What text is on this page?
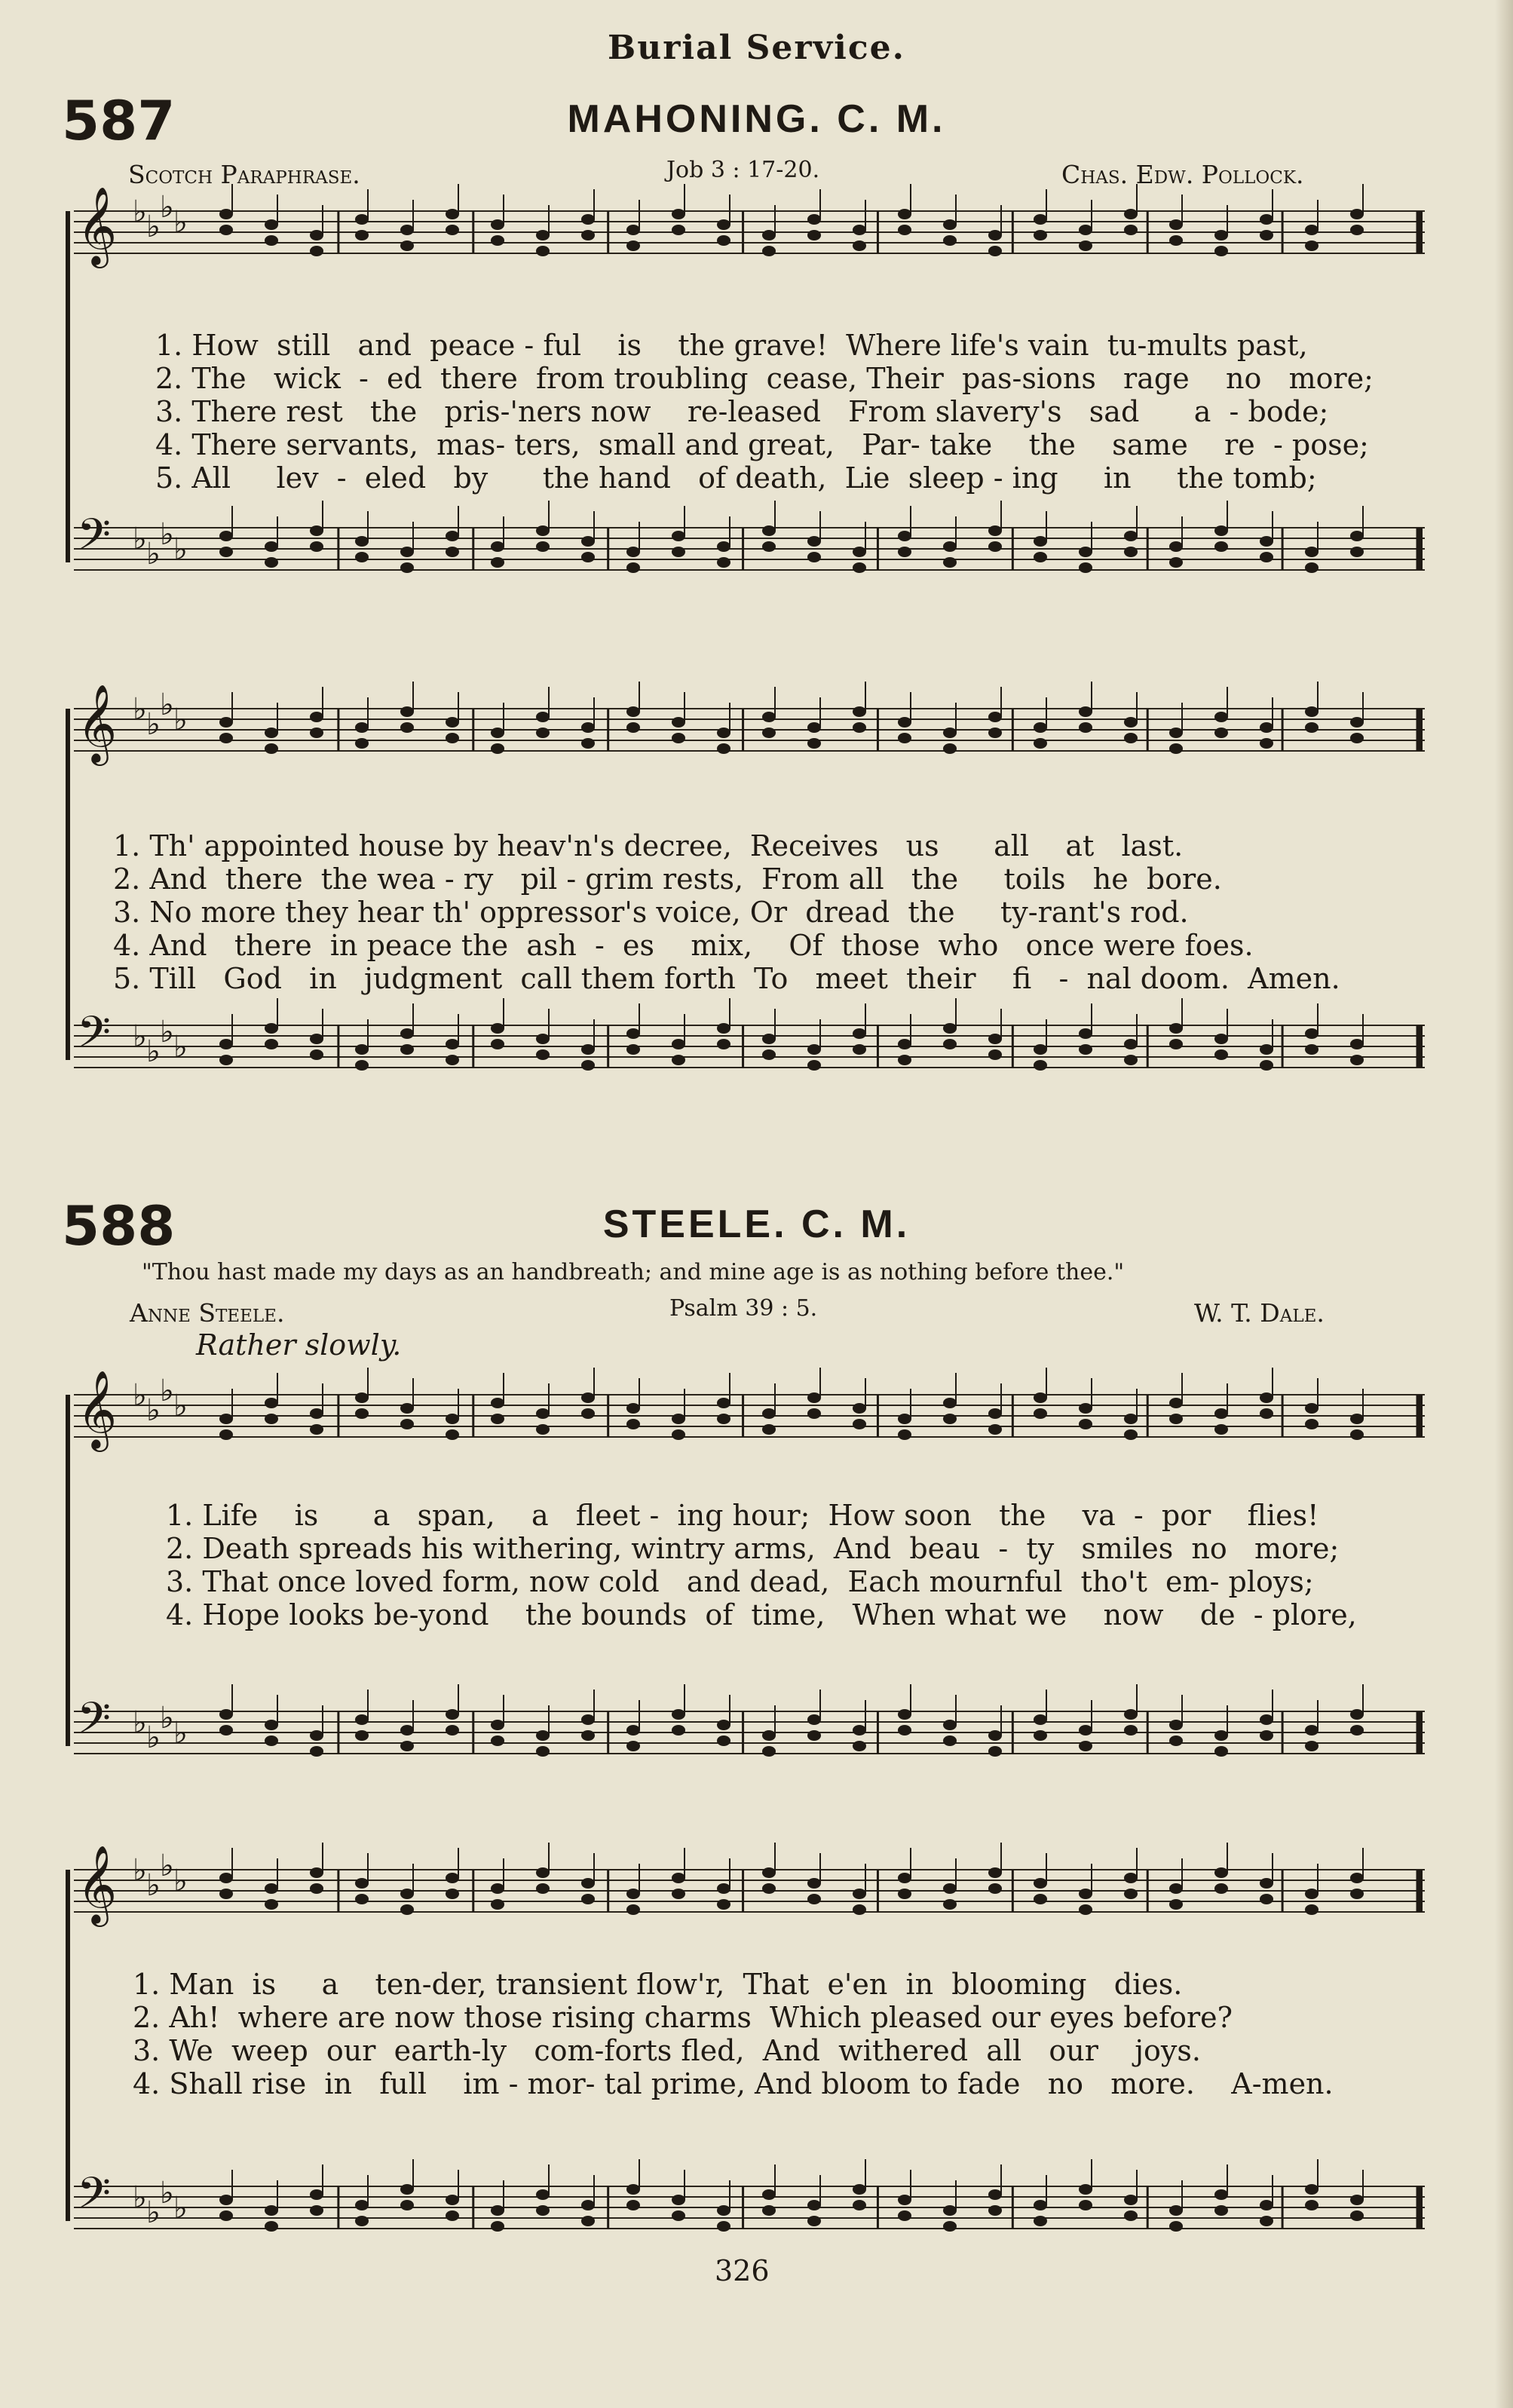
Burial Service.
587	MAHONING. C. M.
Scotch Paraphrase.	Job 3 : 17-20.	Chas. Edw. Pollock.
𝄞 ♭ ♭
♭ ♭
𝄢 ♭ ♭
♭ ♭
1. How  still   and  peace - ful    is    the grave!  Where life's vain  tu-mults past,
2. The   wick  -  ed  there  from troubling  cease, Their  pas-sions   rage    no   more;
3. There rest   the   pris-'ners now    re-leased   From slavery's   sad      a  - bode;
4. There servants,  mas- ters,  small and great,   Par- take    the    same    re  - pose;
5. All     lev  -  eled   by      the hand   of death,  Lie  sleep - ing     in     the tomb;
𝄞 ♭ ♭
♭ ♭
𝄢 ♭ ♭
♭ ♭
1. Th' appointed house by heav'n's decree,  Receives   us      all    at   last.
2. And  there  the wea - ry   pil - grim rests,  From all   the     toils   he  bore.
3. No more they hear th' oppressor's voice, Or  dread  the     ty-rant's rod.
4. And   there  in peace the  ash  -  es    mix,    Of  those  who   once were foes.
5. Till   God   in   judgment  call them forth  To   meet  their    fi   -  nal doom.  Amen.
588	STEELE. C. M.
"Thou hast made my days as an handbreath; and mine age is as nothing before thee."
Anne Steele.	Psalm 39 : 5.	W. T. Dale.
Rather slowly.
𝄞 ♭ ♭
♭ ♭
𝄢 ♭ ♭
♭ ♭
1. Life    is      a   span,    a   fleet -  ing hour;  How soon   the    va  -  por    flies!
2. Death spreads his withering, wintry arms,  And  beau  -  ty   smiles  no   more;
3. That once loved form, now cold   and dead,  Each mournful  tho't  em- ploys;
4. Hope looks be-yond    the bounds  of  time,   When what we    now    de  - plore,
𝄞 ♭ ♭
♭ ♭
𝄢 ♭ ♭
♭ ♭
1. Man  is     a    ten-der, transient flow'r,  That  e'en  in  blooming   dies.
2. Ah!  where are now those rising charms  Which pleased our eyes before?
3. We  weep  our  earth-ly   com-forts fled,  And  withered  all   our    joys.
4. Shall rise  in   full    im - mor- tal prime, And bloom to fade   no   more.    A-men.
326
